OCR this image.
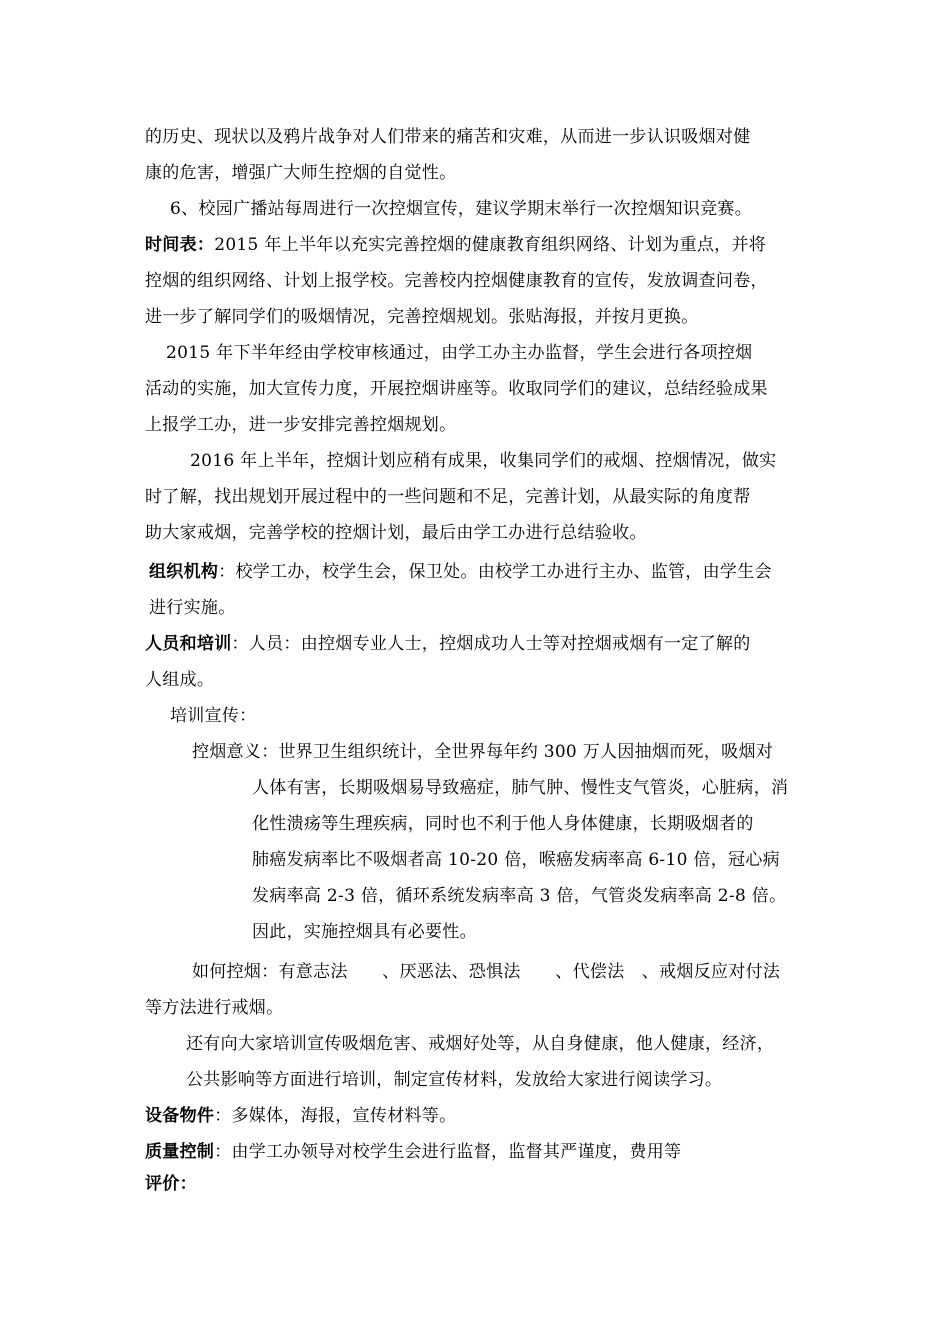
的历史、现状以及鸦片战争对人们带来的痛苦和灾难，从而进一步认识吸烟对健

康的危害，增强广大师生控烟的自觉性。

6、校园广播站每周进行一次控烟宣传，建议学期末举行一次控烟知识竞赛。

时间表：2015 年上半年以充实完善控烟的健康教育组织网络、计划为重点，并将

控烟的组织网络、计划上报学校。完善校内控烟健康教育的宣传，发放调查问卷，

进一步了解同学们的吸烟情况，完善控烟规划。张贴海报，并按月更换。

2015 年下半年经由学校审核通过，由学工办主办监督，学生会进行各项控烟

活动的实施，加大宣传力度，开展控烟讲座等。收取同学们的建议，总结经验成果

上报学工办，进一步安排完善控烟规划。

2016 年上半年，控烟计划应稍有成果，收集同学们的戒烟、控烟情况，做实

时了解，找出规划开展过程中的一些问题和不足，完善计划，从最实际的角度帮

助大家戒烟，完善学校的控烟计划，最后由学工办进行总结验收。

组织机构：校学工办，校学生会，保卫处。由校学工办进行主办、监管，由学生会

进行实施。

人员和培训：人员：由控烟专业人士，控烟成功人士等对控烟戒烟有一定了解的

人组成。

培训宣传：

控烟意义：世界卫生组织统计，全世界每年约 300 万人因抽烟而死，吸烟对

人体有害，长期吸烟易导致癌症，肺气肿、慢性支气管炎，心脏病，消

化性溃疡等生理疾病，同时也不利于他人身体健康，长期吸烟者的

肺癌发病率比不吸烟者高 10-20 倍，喉癌发病率高 6-10 倍，冠心病

发病率高 2-3 倍，循环系统发病率高 3 倍，气管炎发病率高 2-8 倍。

因此，实施控烟具有必要性。

如何控烟：有意志法　　、厌恶法、恐惧法　　、代偿法　、戒烟反应对付法

等方法进行戒烟。

还有向大家培训宣传吸烟危害、戒烟好处等，从自身健康，他人健康，经济，

公共影响等方面进行培训，制定宣传材料，发放给大家进行阅读学习。

设备物件：多媒体，海报，宣传材料等。

质量控制：由学工办领导对校学生会进行监督，监督其严谨度，费用等

评价：
